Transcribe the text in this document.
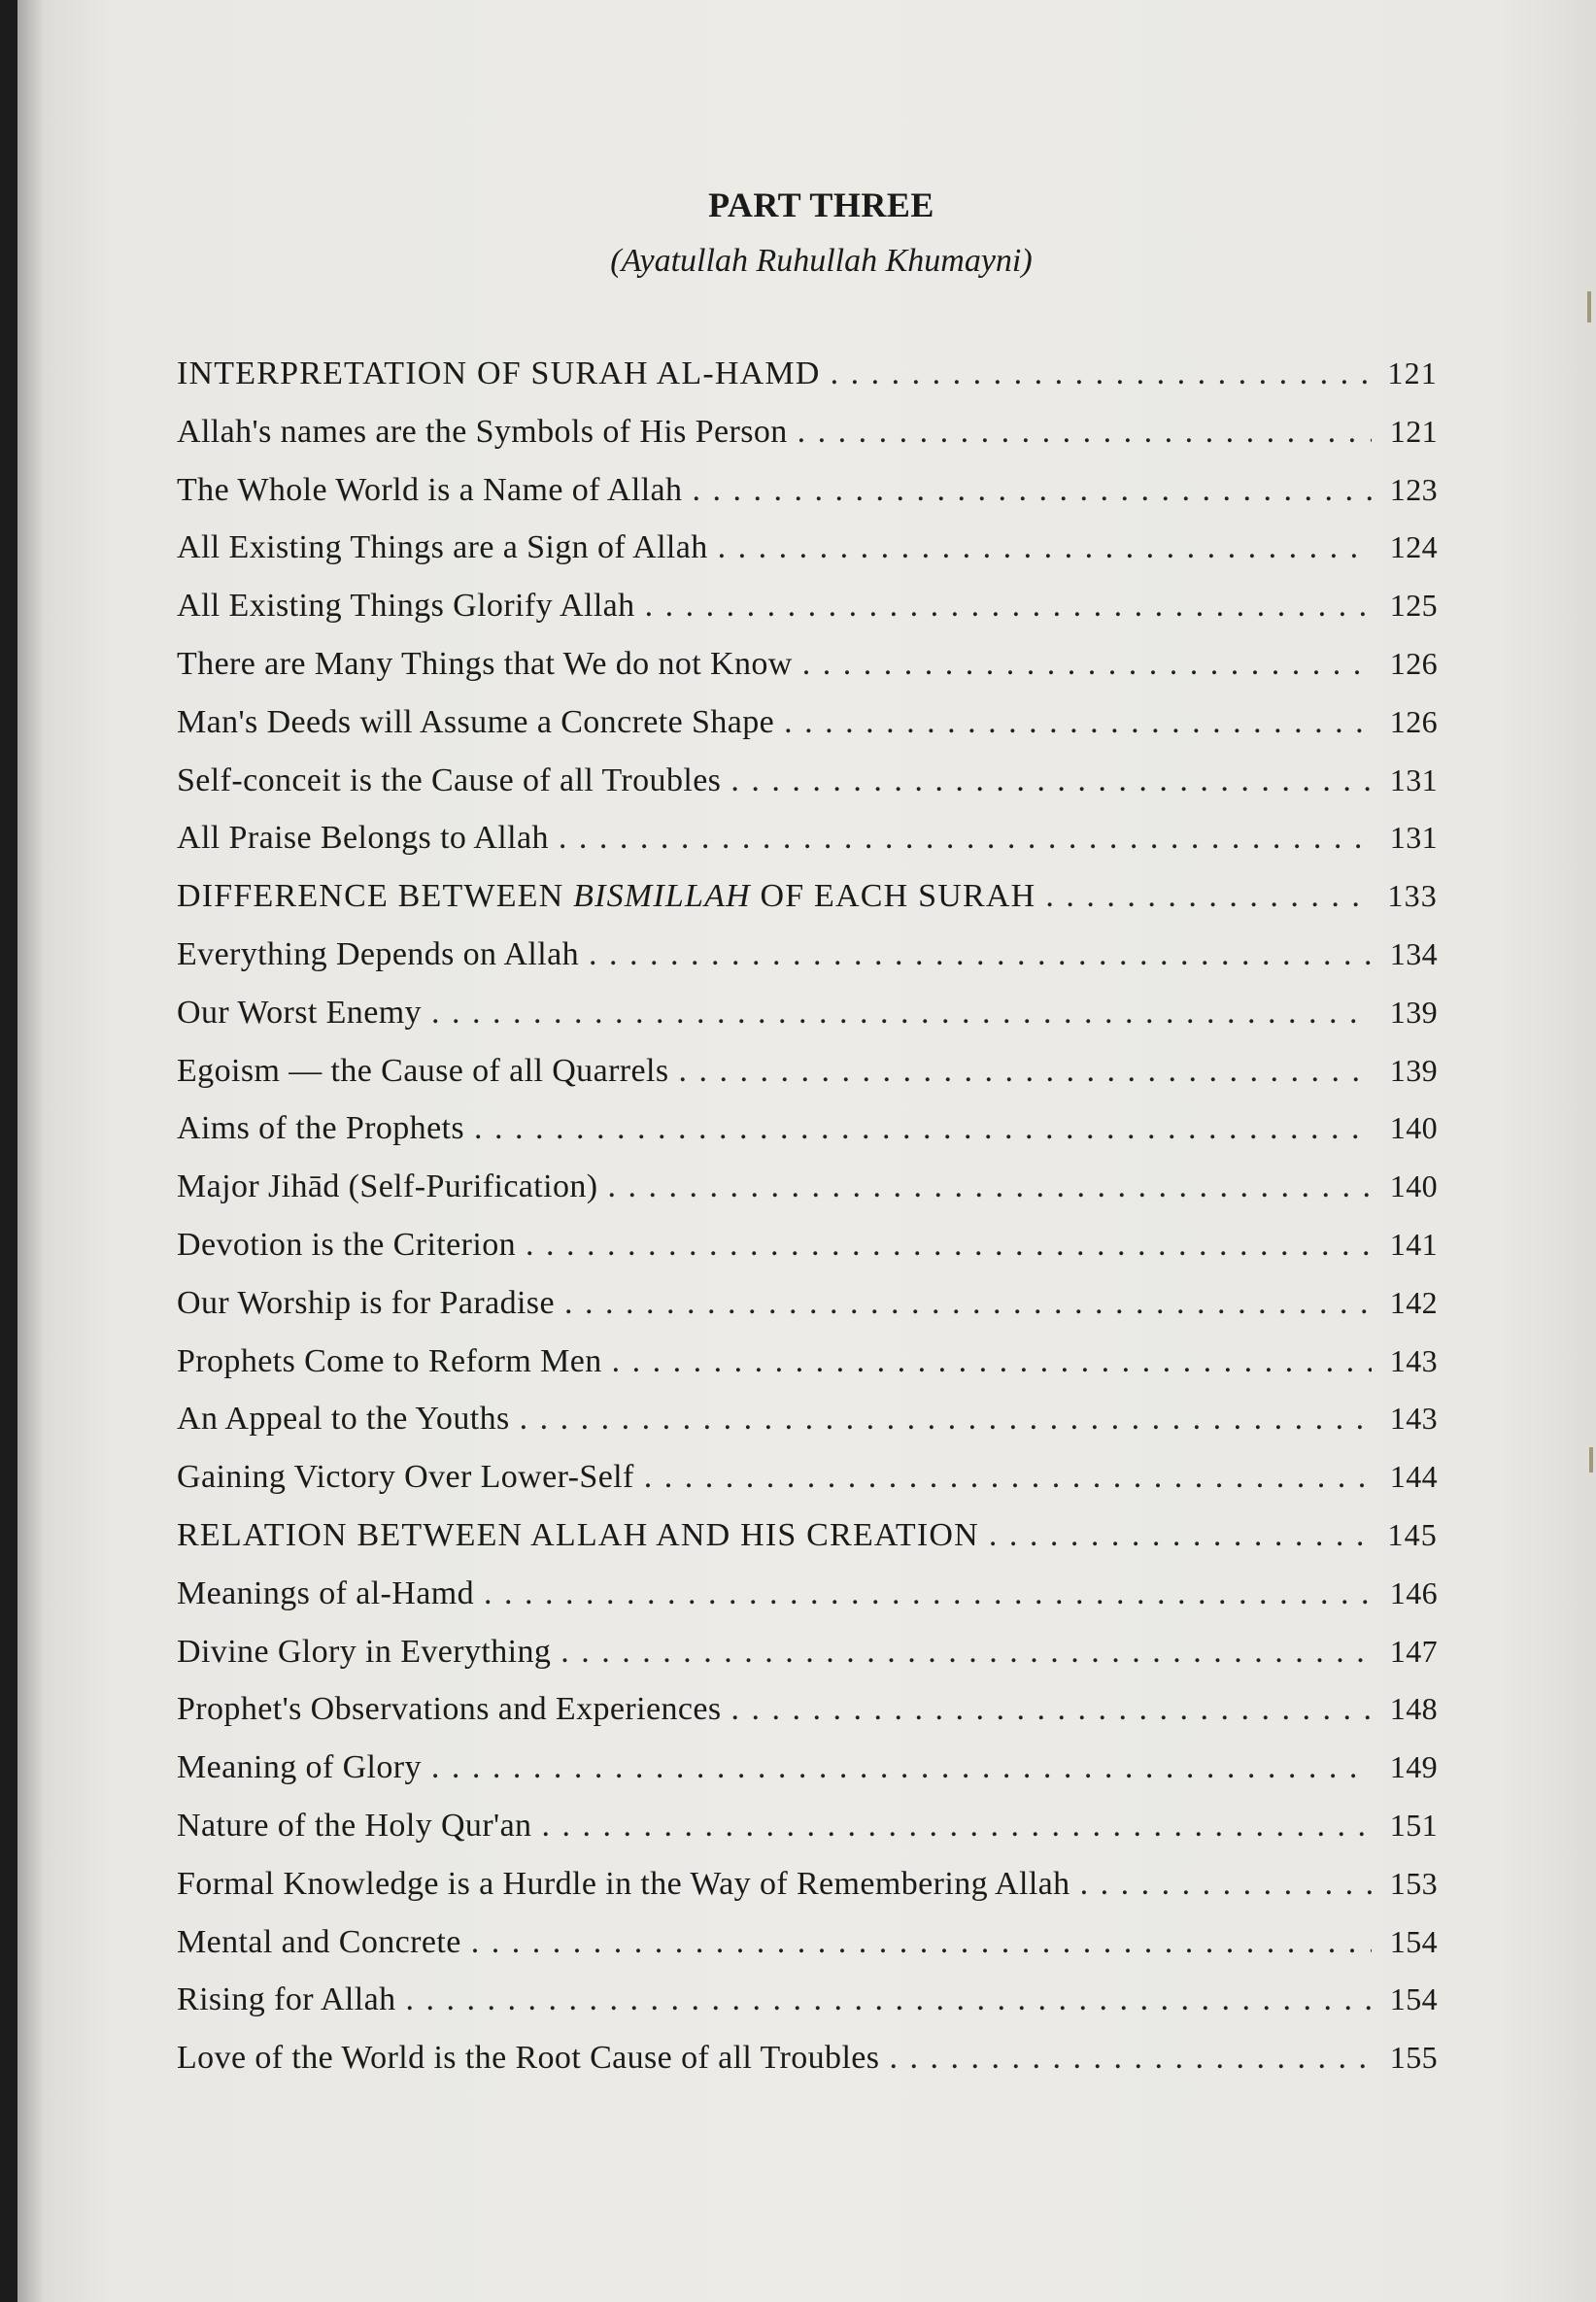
PART THREE
(Ayatullah Ruhullah Khumayni)
INTERPRETATION OF SURAH AL-HAMD . . .	121
Allah's names are the Symbols of His Person . . .	121
The Whole World is a Name of Allah . . .	123
All Existing Things are a Sign of Allah . . .	124
All Existing Things Glorify Allah . . .	125
There are Many Things that We do not Know . . .	126
Man's Deeds will Assume a Concrete Shape . . .	126
Self-conceit is the Cause of all Troubles . . .	131
All Praise Belongs to Allah . . .	131
DIFFERENCE BETWEEN BISMILLAH OF EACH SURAH . . .	133
Everything Depends on Allah . . .	134
Our Worst Enemy . . .	139
Egoism — the Cause of all Quarrels . . .	139
Aims of the Prophets . . .	140
Major Jihād (Self-Purification) . . .	140
Devotion is the Criterion . . .	141
Our Worship is for Paradise . . .	142
Prophets Come to Reform Men . . .	143
An Appeal to the Youths . . .	143
Gaining Victory Over Lower-Self . . .	144
RELATION BETWEEN ALLAH AND HIS CREATION . . .	145
Meanings of al-Hamd . . .	146
Divine Glory in Everything . . .	147
Prophet's Observations and Experiences . . .	148
Meaning of Glory . . .	149
Nature of the Holy Qur'an . . .	151
Formal Knowledge is a Hurdle in the Way of Remembering Allah . . .	153
Mental and Concrete . . .	154
Rising for Allah . . .	154
Love of the World is the Root Cause of all Troubles . . .	155
